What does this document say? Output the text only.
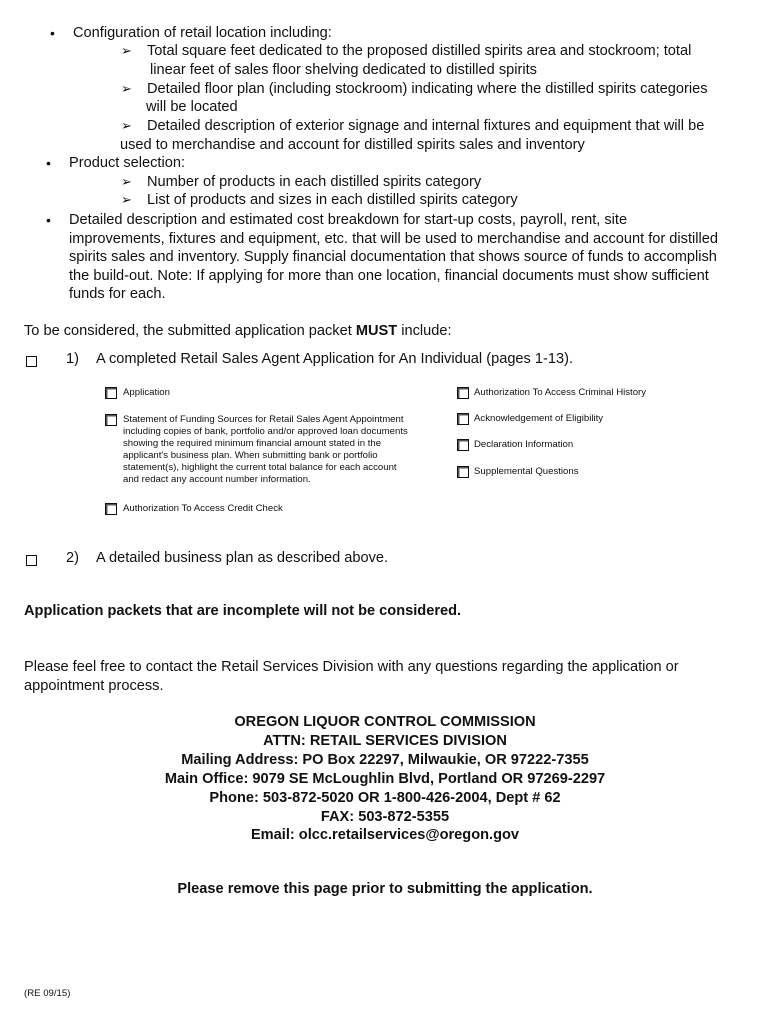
• Configuration of retail location including:
➢ Total square feet dedicated to the proposed distilled spirits area and stockroom; total
linear feet of sales floor shelving dedicated to distilled spirits
➢ Detailed floor plan (including stockroom) indicating where the distilled spirits categories
will be located
➢ Detailed description of exterior signage and internal fixtures and equipment that will be
used to merchandise and account for distilled spirits sales and inventory
• Product selection:
➢ Number of products in each distilled spirits category
➢ List of products and sizes in each distilled spirits category
• Detailed description and estimated cost breakdown for start-up costs, payroll, rent, site
improvements, fixtures and equipment, etc. that will be used to merchandise and account for distilled
spirits sales and inventory. Supply financial documentation that shows source of funds to accomplish
the build-out. Note: If applying for more than one location, financial documents must show sufficient
funds for each.
To be considered, the submitted application packet MUST include:
1) A completed Retail Sales Agent Application for An Individual (pages 1-13).
Application
Statement of Funding Sources for Retail Sales Agent Appointment
including copies of bank, portfolio and/or approved loan documents
showing the required minimum financial amount stated in the
applicant's business plan. When submitting bank or portfolio
statement(s), highlight the current total balance for each account
and redact any account number information.
Authorization To Access Credit Check
Authorization To Access Criminal History
Acknowledgement of Eligibility
Declaration Information
Supplemental Questions
2) A detailed business plan as described above.
Application packets that are incomplete will not be considered.
Please feel free to contact the Retail Services Division with any questions regarding the application or
appointment process.
OREGON LIQUOR CONTROL COMMISSION
ATTN: RETAIL SERVICES DIVISION
Mailing Address: PO Box 22297, Milwaukie, OR 97222-7355
Main Office: 9079 SE McLoughlin Blvd, Portland OR 97269-2297
Phone: 503-872-5020 OR 1-800-426-2004, Dept # 62
FAX: 503-872-5355
Email: olcc.retailservices@oregon.gov
Please remove this page prior to submitting the application.
(RE 09/15)
